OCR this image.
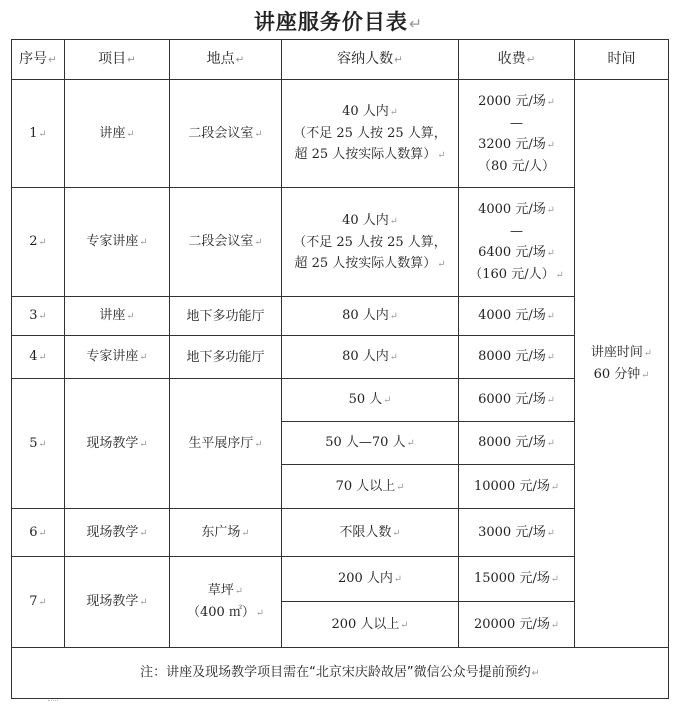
讲座服务价目表↵
序号↵	项目↵	地点↵	容纳人数↵	收费↵	时间
1↵	讲座↵	二段会议室↵	40 人内↵
（不足 25 人按 25 人算，
超 25 人按实际人数算）↵	2000 元/场↵
—
3200 元/场↵
（80 元/人）	讲座时间↵
60 分钟↵

2↵	专家讲座↵	二段会议室↵	40 人内↵
（不足 25 人按 25 人算，
超 25 人按实际人数算）↵	4000 元/场↵
—
6400 元/场↵
（160 元/人）↵	

3↵	讲座↵	地下多功能厅	80 人内↵	4000 元/场↵	
4↵	专家讲座↵	地下多功能厅	80 人内↵	8000 元/场↵	
5↵	现场教学↵	生平展序厅↵	50 人↵	6000 元/场↵	
			50 人—70 人↵	8000 元/场↵	
			70 人以上↵	10000 元/场↵	
6↵	现场教学↵	东广场↵	不限人数↵	3000 元/场↵	
7↵	现场教学↵	草坪↵
（400 ㎡）↵	200 人内↵	15000 元/场↵	
			200 人以上↵	20000 元/场↵	
注：讲座及现场教学项目需在“北京宋庆龄故居”微信公众号提前预约↵					
